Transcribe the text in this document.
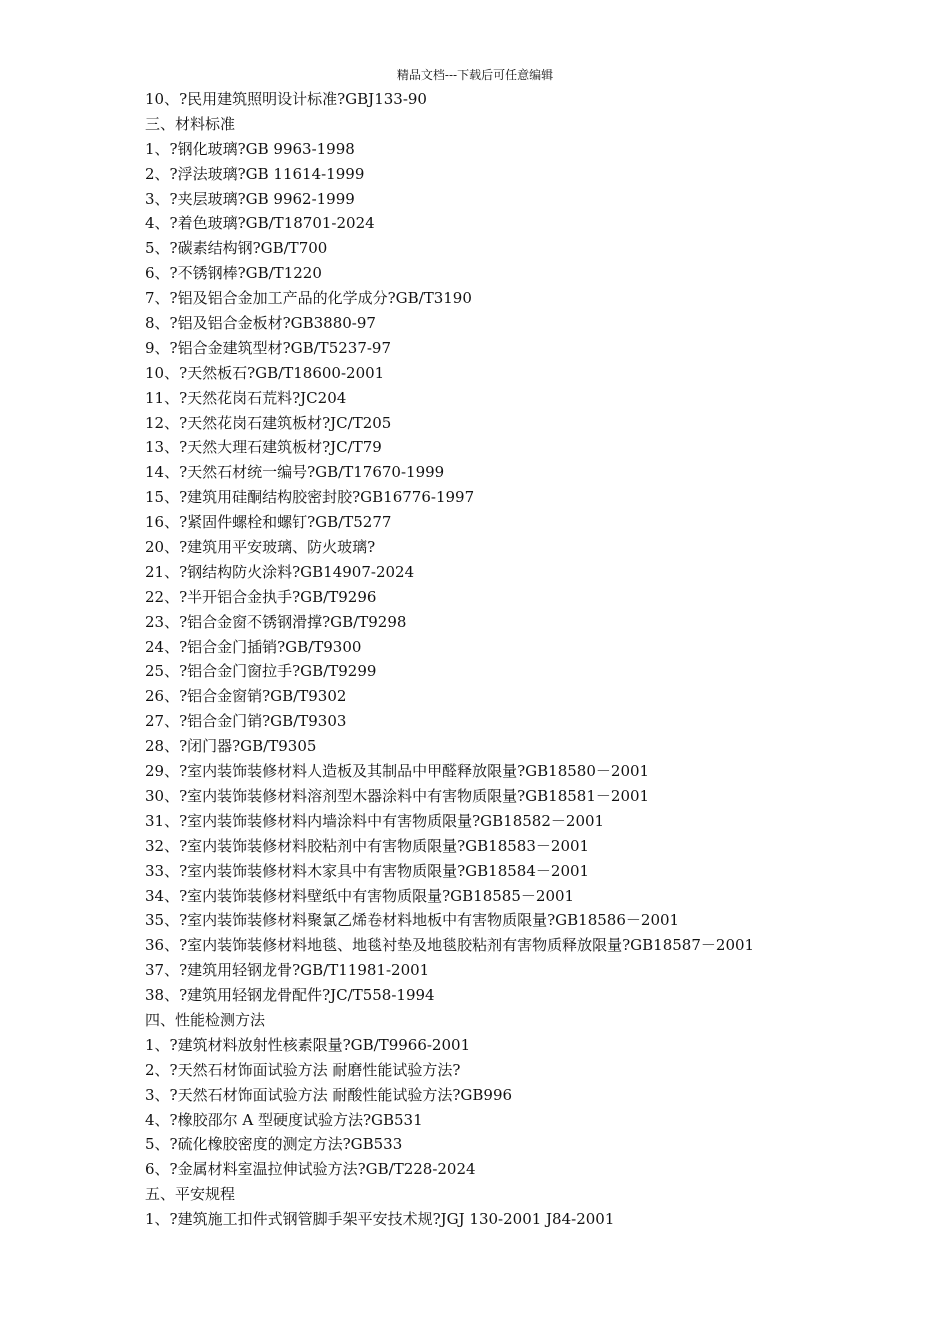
精品文档---下载后可任意编辑
10、?民用建筑照明设计标准?GBJ133-90
三、材料标准
1、?钢化玻璃?GB 9963-1998
2、?浮法玻璃?GB 11614-1999
3、?夹层玻璃?GB 9962-1999
4、?着色玻璃?GB/T18701-2024
5、?碳素结构钢?GB/T700
6、?不锈钢棒?GB/T1220
7、?铝及铝合金加工产品的化学成分?GB/T3190
8、?铝及铝合金板材?GB3880-97
9、?铝合金建筑型材?GB/T5237-97
10、?天然板石?GB/T18600-2001
11、?天然花岗石荒料?JC204
12、?天然花岗石建筑板材?JC/T205
13、?天然大理石建筑板材?JC/T79
14、?天然石材统一编号?GB/T17670-1999
15、?建筑用硅酮结构胶密封胶?GB16776-1997
16、?紧固件螺栓和螺钉?GB/T5277
20、?建筑用平安玻璃、防火玻璃?
21、?钢结构防火涂料?GB14907-2024
22、?半开铝合金执手?GB/T9296
23、?铝合金窗不锈钢滑撑?GB/T9298
24、?铝合金门插销?GB/T9300
25、?铝合金门窗拉手?GB/T9299
26、?铝合金窗销?GB/T9302
27、?铝合金门销?GB/T9303
28、?闭门器?GB/T9305
29、?室内装饰装修材料人造板及其制品中甲醛释放限量?GB18580－2001
30、?室内装饰装修材料溶剂型木器涂料中有害物质限量?GB18581－2001
31、?室内装饰装修材料内墙涂料中有害物质限量?GB18582－2001
32、?室内装饰装修材料胶粘剂中有害物质限量?GB18583－2001
33、?室内装饰装修材料木家具中有害物质限量?GB18584－2001
34、?室内装饰装修材料壁纸中有害物质限量?GB18585－2001
35、?室内装饰装修材料聚氯乙烯卷材料地板中有害物质限量?GB18586－2001
36、?室内装饰装修材料地毯、地毯衬垫及地毯胶粘剂有害物质释放限量?GB18587－2001
37、?建筑用轻钢龙骨?GB/T11981-2001
38、?建筑用轻钢龙骨配件?JC/T558-1994
四、性能检测方法
1、?建筑材料放射性核素限量?GB/T9966-2001
2、?天然石材饰面试验方法 耐磨性能试验方法?
3、?天然石材饰面试验方法 耐酸性能试验方法?GB996
4、?橡胶邵尔 A 型硬度试验方法?GB531
5、?硫化橡胶密度的测定方法?GB533
6、?金属材料室温拉伸试验方法?GB/T228-2024
五、平安规程
1、?建筑施工扣件式钢管脚手架平安技术规?JGJ 130-2001 J84-2001
